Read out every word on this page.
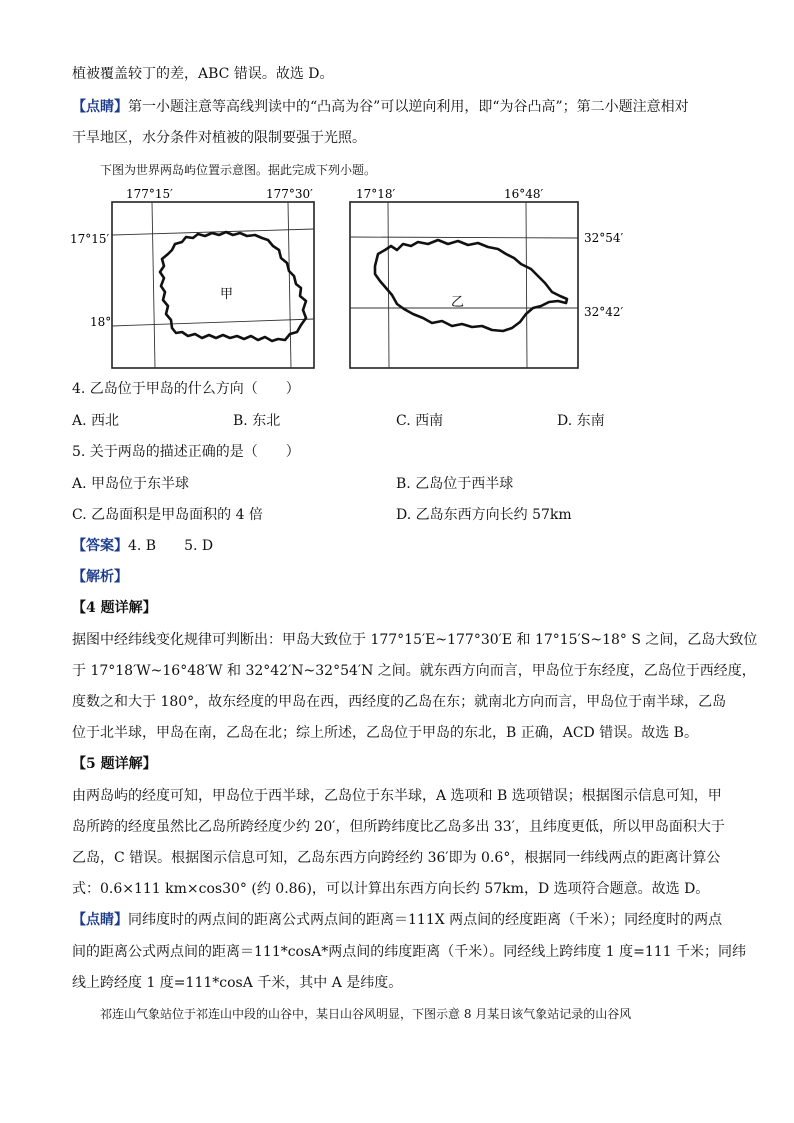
植被覆盖较丁的差，ABC 错误。故选 D。
【点睛】第一小题注意等高线判读中的“凸高为谷”可以逆向利用，即“为谷凸高”；第二小题注意相对
干旱地区，水分条件对植被的限制要强于光照。
下图为世界两岛屿位置示意图。据此完成下列小题。
177°15′	177°30′
17°15′
18°
甲
17°18′	16°48′
32°54′
32°42′
乙
4. 乙岛位于甲岛的什么方向（　　）
A. 西北	B. 东北	C. 西南	D. 东南
5. 关于两岛的描述正确的是（　　）
A. 甲岛位于东半球	B. 乙岛位于西半球
C. 乙岛面积是甲岛面积的 4 倍	D. 乙岛东西方向长约 57km
【答案】4. B　　5. D
【解析】
【4 题详解】
据图中经纬线变化规律可判断出：甲岛大致位于 177°15′E~177°30′E 和 17°15′S~18° S 之间，乙岛大致位
于 17°18′W~16°48′W 和 32°42′N~32°54′N 之间。就东西方向而言，甲岛位于东经度，乙岛位于西经度，
度数之和大于 180°，故东经度的甲岛在西，西经度的乙岛在东；就南北方向而言，甲岛位于南半球，乙岛
位于北半球，甲岛在南，乙岛在北；综上所述，乙岛位于甲岛的东北，B 正确，ACD 错误。故选 B。
【5 题详解】
由两岛屿的经度可知，甲岛位于西半球，乙岛位于东半球，A 选项和 B 选项错误；根据图示信息可知，甲
岛所跨的经度虽然比乙岛所跨经度少约 20′，但所跨纬度比乙岛多出 33′，且纬度更低，所以甲岛面积大于
乙岛，C 错误。根据图示信息可知，乙岛东西方向跨经约 36′即为 0.6°，根据同一纬线两点的距离计算公
式：0.6×111 km×cos30° (约 0.86)，可以计算出东西方向长约 57km，D 选项符合题意。故选 D。
【点睛】同纬度时的两点间的距离公式两点间的距离＝111X 两点间的经度距离（千米）；同经度时的两点
间的距离公式两点间的距离＝111*cosA*两点间的纬度距离（千米）。同经线上跨纬度 1 度=111 千米；同纬
线上跨经度 1 度=111*cosA 千米，其中 A 是纬度。
祁连山气象站位于祁连山中段的山谷中，某日山谷风明显，下图示意 8 月某日该气象站记录的山谷风
